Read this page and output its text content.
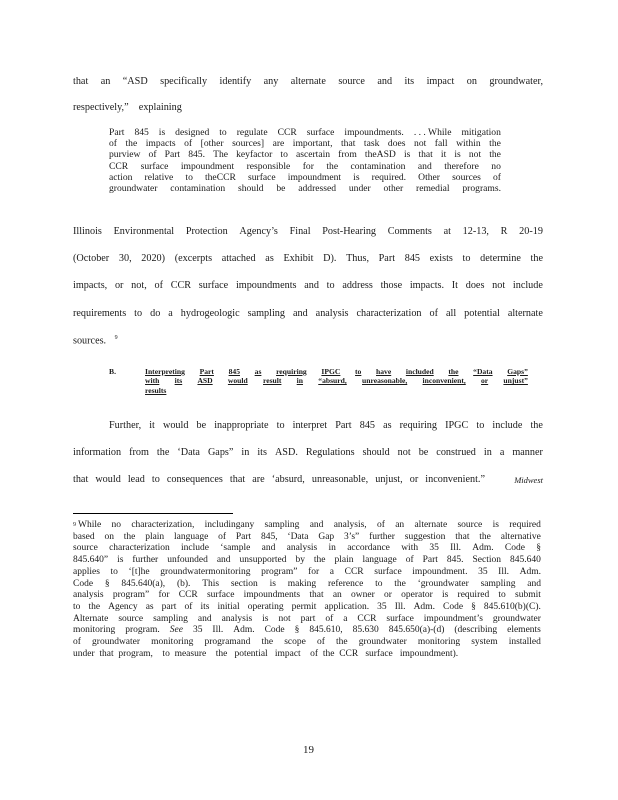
that an “ASD specifically identify any alternate source and its impact on groundwater,
respectively,”    explaining
Part 845 is designed to regulate CCR surface impoundments. . . . While mitigation
of the impacts of [other sources] are important, that task does not fall within the
purview of Part 845. The keyfactor to ascertain from theASD is that it is not the
CCR surface impoundment responsible for the contamination and therefore no
action relative to theCCR surface impoundment is required. Other sources of
groundwater contamination should be addressed under other remedial programs.
Illinois Environmental Protection Agency’s Final Post-Hearing Comments at 12-13, R 20-19
(October 30, 2020) (excerpts attached as Exhibit D). Thus, Part 845 exists to determine the
impacts, or not, of CCR surface impoundments and to address those impacts. It does not include
requirements to do a hydrogeologic sampling and analysis characterization of all potential alternate
sources. $^9$
B.	Interpreting Part 845 as requiring IPGC to have included the “Data Gaps”
with its ASD would result in “absurd, unreasonable, inconvenient, or unjust”
results
Further, it would be inappropriate to interpret Part 845 as requiring IPGC to include the
information from the ‘Data Gaps” in its ASD. Regulations should not be construed in a manner
that would lead to consequences that are ‘absurd, unreasonable, unjust, or inconvenient.”	Midwest
9 While no characterization, includingany sampling and analysis, of an alternate source is required
based on the plain language of Part 845, ‘Data Gap 3’s” further suggestion that the alternative
source characterization include ‘sample and analysis in accordance with 35 Ill. Adm. Code §
845.640” is further unfounded and unsupported by the plain language of Part 845. Section 845.640
applies to ‘[t]he groundwatermonitoring program” for a CCR surface impoundment. 35 Ill. Adm.
Code § 845.640(a), (b). This section is making reference to the ‘groundwater sampling and
analysis program” for CCR surface impoundments that an owner or operator is required to submit
to the Agency as part of its initial operating permit application. 35 Ill. Adm. Code § 845.610(b)(C).
Alternate source sampling and analysis is not part of a CCR surface impoundment’s groundwater
monitoring program. See 35 Ill. Adm. Code § 845.610, 85.630 845.650(a)-(d) (describing elements
of groundwater monitoring programand the scope of the groundwater monitoring system installed
under  that  program,    to  measure    the   potential   impact    of  the  CCR   surface   impoundment).
19
